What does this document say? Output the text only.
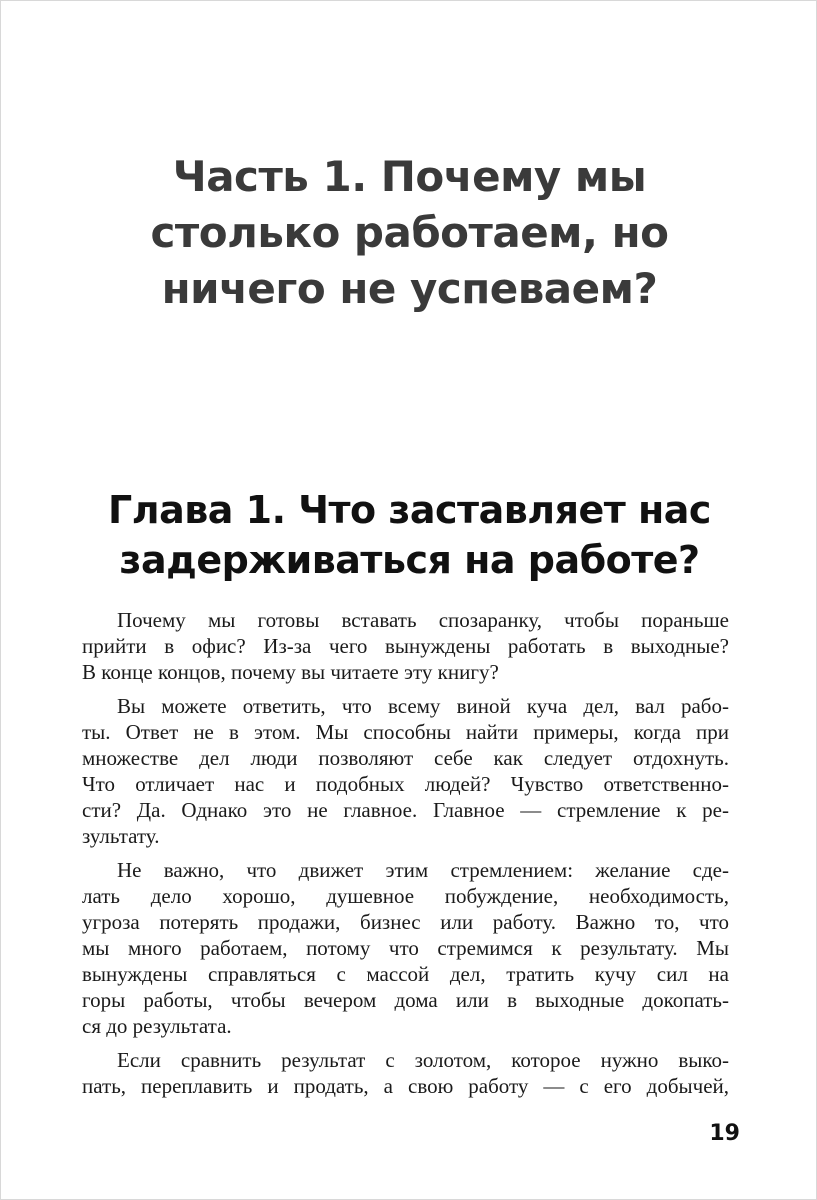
Часть 1. Почему мы
столько работаем, но
ничего не успеваем?
Глава 1. Что заставляет нас
задерживаться на работе?

Почему мы готовы вставать спозаранку, чтобы пораньше
прийти в офис? Из-за чего вынуждены работать в выходные?
В конце концов, почему вы читаете эту книгу?

Вы можете ответить, что всему виной куча дел, вал рабо-
ты. Ответ не в этом. Мы способны найти примеры, когда при
множестве дел люди позволяют себе как следует отдохнуть.
Что отличает нас и подобных людей? Чувство ответственно-
сти? Да. Однако это не главное. Главное — стремление к ре-
зультату.

Не важно, что движет этим стремлением: желание сде-
лать дело хорошо, душевное побуждение, необходимость,
угроза потерять продажи, бизнес или работу. Важно то, что
мы много работаем, потому что стремимся к результату. Мы
вынуждены справляться с массой дел, тратить кучу сил на
горы работы, чтобы вечером дома или в выходные докопать-
ся до результата.

Если сравнить результат с золотом, которое нужно выко-
пать, переплавить и продать, а свою работу — с его добычей,

19
